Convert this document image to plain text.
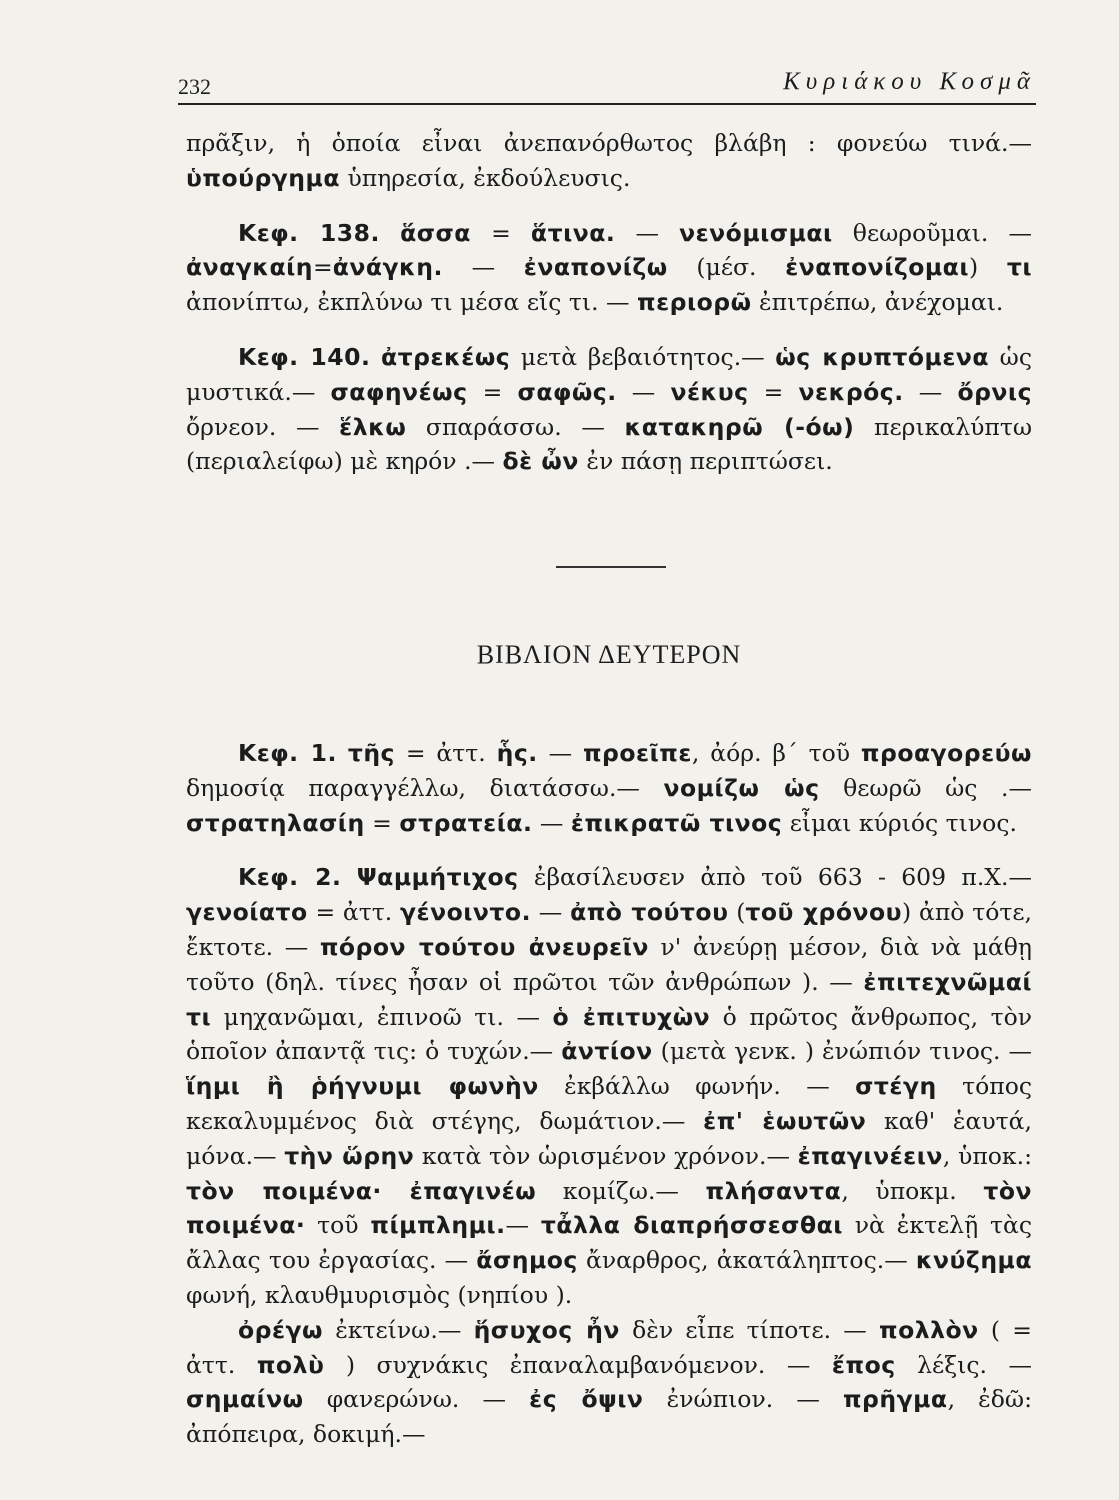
232	Κυριάκου Κοσμᾶ

πρᾶξιν, ἡ ὁποία εἶναι ἀνεπανόρθωτος βλάβη : φονεύω τινά.— ὑπούργημα ὑπηρεσία, ἐκδούλευσις.

Κεφ. 138. ἅσσα = ἅτινα. — νενόμισμαι θεωροῦμαι. —ἀναγκαίη=ἀνάγκη. — ἐναπονίζω (μέσ. ἐναπονίζομαι) τι ἀπονίπτω, ἐκπλύνω τι μέσα εἴς τι. — περιορῶ ἐπιτρέπω, ἀνέχομαι.

Κεφ. 140. ἀτρεκέως μετὰ βεβαιότητος.— ὡς κρυπτόμενα ὡς μυστικά.— σαφηνέως = σαφῶς. — νέκυς = νεκρός. — ὄρνις ὄρνεον. — ἕλκω σπαράσσω. — κατακηρῶ (-όω) περικαλύπτω (περιαλείφω) μὲ κηρόν .— δὲ ὦν ἐν πάσῃ περιπτώσει.

ΒΙΒΛΙΟΝ ΔΕΥΤΕΡΟΝ

Κεφ. 1. τῆς = ἀττ. ἧς. — προεῖπε, ἀόρ. β΄ τοῦ προαγορεύω δημοσίᾳ παραγγέλλω, διατάσσω.— νομίζω ὡς θεωρῶ ὡς .— στρατηλασίη = στρατεία. — ἐπικρατῶ τινος εἶμαι κύριός τινος.

Κεφ. 2. Ψαμμήτιχος ἐβασίλευσεν ἀπὸ τοῦ 663 - 609 π.Χ.— γενοίατο = ἀττ. γένοιντο. — ἀπὸ τούτου (τοῦ χρόνου) ἀπὸ τότε, ἔκτοτε. — πόρον τούτου ἀνευρεῖν ν' ἀνεύρῃ μέσον, διὰ νὰ μάθῃ τοῦτο (δηλ. τίνες ἦσαν οἱ πρῶτοι τῶν ἀνθρώπων ). — ἐπιτεχνῶμαί τι μηχανῶμαι, ἐπινοῶ τι. — ὁ ἐπιτυχὼν ὁ πρῶτος ἄνθρωπος, τὸν ὁποῖον ἀπαντᾷ τις: ὁ τυχών.— ἀντίον (μετὰ γενκ. ) ἐνώπιόν τινος. — ἵημι ἢ ῥήγνυμι φωνὴν ἐκβάλλω φωνήν. — στέγη τόπος κεκαλυμμένος διὰ στέγης, δωμάτιον.— ἐπ' ἑωυτῶν καθ' ἑαυτά, μόνα.— τὴν ὥρην κατὰ τὸν ὡρισμένον χρόνον.— ἐπαγινέειν, ὑποκ.: τὸν ποιμένα· ἐπαγινέω κομίζω.— πλήσαντα, ὑποκμ. τὸν ποιμένα· τοῦ πίμπλημι.— τἆλλα διαπρήσσεσθαι νὰ ἐκτελῇ τὰς ἄλλας του ἐργασίας. — ἄσημος ἄναρθρος, ἀκατάληπτος.— κνύζημα φωνή, κλαυθμυρισμὸς (νηπίου ).

ὀρέγω ἐκτείνω.— ἥσυχος ἦν δὲν εἶπε τίποτε. — πολλὸν ( = ἀττ. πολὺ ) συχνάκις ἐπαναλαμβανόμενον. — ἔπος λέξις. — σημαίνω φανερώνω. — ἐς ὄψιν ἐνώπιον. — πρῆγμα, ἐδῶ: ἀπόπειρα, δοκιμή.—
